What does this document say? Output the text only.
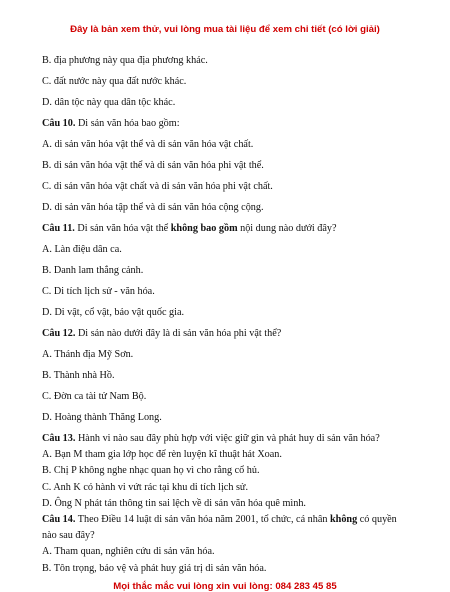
Đây là bản xem thử, vui lòng mua tài liệu để xem chi tiết (có lời giải)
B. địa phương này qua địa phương khác.
C. đất nước này qua đất nước khác.
D. dân tộc này qua dân tộc khác.
Câu 10. Di sản văn hóa bao gồm:
A. di sản văn hóa vật thể và di sản văn hóa vật chất.
B. di sản văn hóa vật thể và di sản văn hóa phi vật thể.
C. di sản văn hóa vật chất và di sản văn hóa phi vật chất.
D. di sản văn hóa tập thể và di sản văn hóa cộng cộng.
Câu 11. Di sản văn hóa vật thể không bao gồm nội dung nào dưới đây?
A. Làn điệu dân ca.
B. Danh lam thắng cảnh.
C. Di tích lịch sử - văn hóa.
D. Di vật, cổ vật, bảo vật quốc gia.
Câu 12. Di sản nào dưới đây là di sản văn hóa phi vật thể?
A. Thánh địa Mỹ Sơn.
B. Thành nhà Hồ.
C. Đờn ca tài tử Nam Bộ.
D. Hoàng thành Thăng Long.
Câu 13. Hành vi nào sau đây phù hợp với việc giữ gìn và phát huy di sản văn hóa?
A. Bạn M tham gia lớp học để rèn luyện kĩ thuật hát Xoan.
B. Chị P không nghe nhạc quan họ vì cho rằng cổ hủ.
C. Anh K có hành vi vứt rác tại khu di tích lịch sử.
D. Ông N phát tán thông tin sai lệch về di sản văn hóa quê mình.
Mọi thắc mắc vui lòng xin vui lòng: 084 283 45 85
Câu 14. Theo Điều 14 luật di sản văn hóa năm 2001, tổ chức, cá nhân không có quyền
nào sau đây?
A. Tham quan, nghiên cứu di sản văn hóa.
B. Tôn trọng, bảo vệ và phát huy giá trị di sản văn hóa.
